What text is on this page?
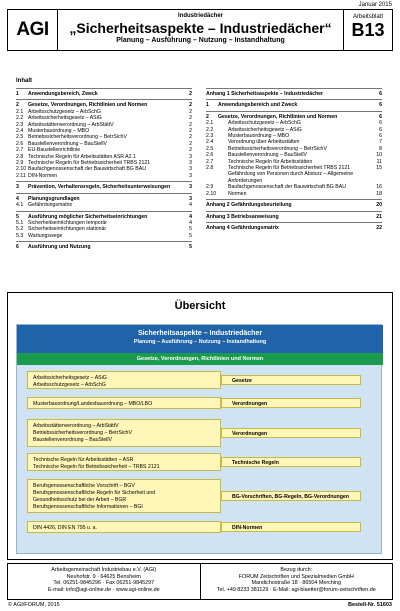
Januar 2015
AGI
Industriedächer
„Sicherheitsaspekte – Industriedächer“
Planung – Ausführung – Nutzung – Instandhaltung
Arbeitsblatt
B13
Inhalt
1	Anwendungsbereich, Zweck	2
2	Gesetze, Verordnungen, Richtlinien und Normen	2
2.1 Arbeitsschutzgesetz – ArbSchG	2
2.2 Arbeitssicherheitsgesetz – ASiG	2
2.3 Arbeitsstättenverordnung – ArbStättV	2
2.4 Musterbauordnung – MBO	2
2.5 Betriebssicherheitsverordnung – BetrSichV	2
2.6 Baustellenverordnung – BauStellV	2
2.7 EU-Baustellenrichtlinie	2
2.8 Technische Regeln für Arbeitsstätten ASR A2.1	3
2.9 Technische Regeln für Betriebssicherheit TRBS 2121	3
2.10 Baufachgenossenschaft der Bauwirtschaft BG BAU	3
2.11 DIN-Normen	3
3	Prävention, Verhaltensregeln, Sicherheitsunterweisungen	3
4	Planungsgrundlagen	3
4.1 Gefährdungsmatrix	4
5	Ausführung möglicher Sicherheitseinrichtungen	4
5.1 Sicherheitseinrichtungen temporär	4
5.2 Sicherheitseinrichtungen stationär	5
5.3 Wartungswege	5
6	Ausführung und Nutzung	5
Anhang 1 Sicherheitsaspekte – Industriedächer	6
1	Anwendungsbereich und Zweck	6
2	Gesetze, Verordnungen, Richtlinien und Normen	6
2.1	Arbeitsschutzgesetz – ArbSchG	6
2.2	Arbeitssicherheitsgesetz – ASiG	6
2.3	Musterbauordnung – MBO	6
2.4	Verordnung über Arbeitsstätten	7
2.5	Betriebssicherheitsverordnung – BetrSichV	8
2.6	Baustellenverordnung – BauStellV	10
2.7	Technische Regeln für Arbeitsstätten	11
2.8	Technische Regeln für Betriebssicherheit TRBS 2121 Gefährdung von Personen durch Absturz – Allgemeine Anforderungen
15
2.9	Baufachgenossenschaft der Bauwirtschaft BG BAU	16
2.10	Normen	18
Anhang 2 Gefährdungsbeurteilung	20
Anhang 3 Betriebsanweisung	21
Anhang 4 Gefährdungsmatrix	22
Übersicht
Sicherheitsaspekte – Industriedächer
Planung – Ausführung – Nutzung – Instandhaltung
Gesetze, Verordnungen, Richtlinien und Normen
Arbeitssicherheitsgesetz – ASiG
Arbeitsschutzgesetz – ArbSchG
Gesetze
Musterbauordnung/Landesbauordnung – MBO/LBO	Verordnungen
Arbeitsstättenverordnung – ArbStättV
Betriebssicherheitsverordnung – BetrSichV
Baustellenverordnung – BauStellV
Verordnungen
Technische Regeln für Arbeitsstätten – ASR
Technische Regeln für Betriebssicherheit – TRBS 2121
Technische Regeln
Berufsgenossenschaftliche Vorschrift – BGV
Berufsgenossenschaftliche Regeln für Sicherheit und
Gesundheitsschutz bei der Arbeit – BGR
Berufsgenossenschaftliche Informationen – BGI
BG-Vorschriften, BG-Regeln, BG-Verordnungen
DIN 4426, DIN EN 795 u. a.	DIN-Normen
Arbeitsgemeinschaft Industriebau e.V. (AGI)
Neuhofstr. 9 · 64625 Bensheim
Tel. 06251-9845296 · Fax 06251-9845297
E-mail: info@agi-online.de · www.agi-online.de
Bezug durch:
FORUM Zeitschriften und Spezialmedien GmbH
Mandichostraße 18 · 86504 Merching
Tel. +49 8233 381129 · E-Mail: agi-blaetter@forum-zeitschriften.de
© AGI/FORUM, 2015	Bestell-Nr. 51603
